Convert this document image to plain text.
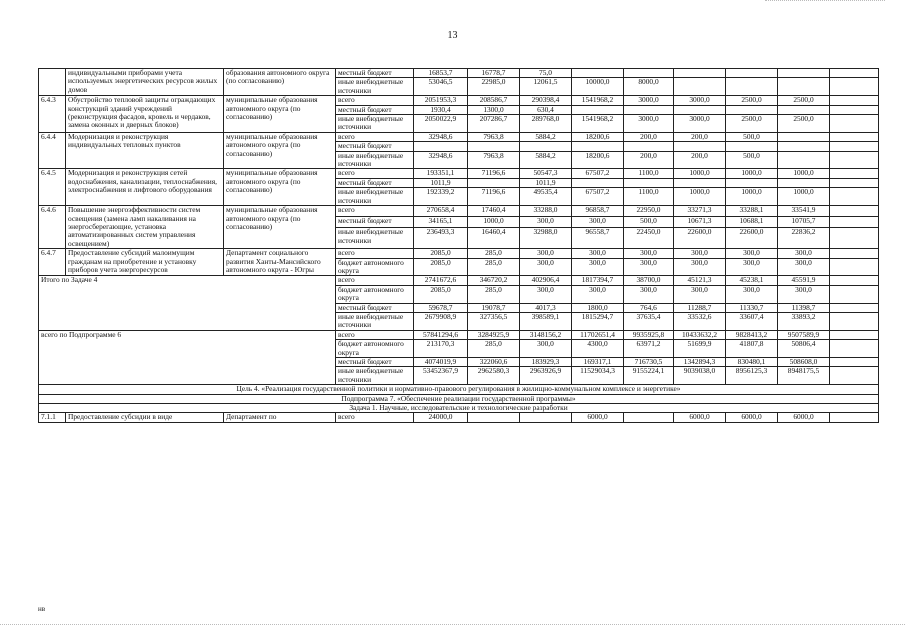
13
	индивидуальными приборами учета используемых энергетических ресурсов жилых домов	образования автономного округа (по согласованию)	местный бюджет	16853,7	16778,7	75,0						
			иные внебюджетные источники	53046,5	22985,0	12061,5	10000,0	8000,0				
6.4.3	Обустройство тепловой защиты ограждающих конструкций зданий учреждений (реконструкция фасадов, кровель и чердаков, замена оконных и дверных блоков)	муниципальные образования автономного округа (по согласованию)	всего	2051953,3	208586,7	290398,4	1541968,2	3000,0	3000,0	2500,0	2500,0	
			местный бюджет	1930,4	1300,0	630,4						
			иные внебюджетные источники	2050022,9	207286,7	289768,0	1541968,2	3000,0	3000,0	2500,0	2500,0	
6.4.4	Модернизация и реконструкция индивидуальных тепловых пунктов	муниципальные образования автономного округа (по согласованию)	всего	32948,6	7963,8	5884,2	18200,6	200,0	200,0	500,0		
			местный бюджет									
			иные внебюджетные источники	32948,6	7963,8	5884,2	18200,6	200,0	200,0	500,0		
6.4.5	Модернизация и реконструкция сетей водоснабжения, канализации, теплоснабжения, электроснабжения и лифтового оборудования	муниципальные образования автономного округа (по согласованию)	всего	193351,1	71196,6	50547,3	67507,2	1100,0	1000,0	1000,0	1000,0	
			местный бюджет	1011,9		1011,9						
			иные внебюджетные источники	192339,2	71196,6	49535,4	67507,2	1100,0	1000,0	1000,0	1000,0	
6.4.6	Повышение энергоэффективности систем освещения (замена ламп накаливания на энергосберегающие, установка автоматизированных систем управления освещением)	муниципальные образования автономного округа (по согласованию)	всего	270658,4	17460,4	33288,0	96858,7	22950,0	33271,3	33288,1	33541,9	
			местный бюджет	34165,1	1000,0	300,0	300,0	500,0	10671,3	10688,1	10705,7	
			иные внебюджетные источники	236493,3	16460,4	32988,0	96558,7	22450,0	22600,0	22600,0	22836,2	
6.4.7	Предоставление субсидий малоимущим гражданам на приобретение и установку приборов учета энергоресурсов	Департамент социального развития Ханты-Мансийского автономного округа - Югры	всего	2085,0	285,0	300,0	300,0	300,0	300,0	300,0	300,0	
			бюджет автономного округа	2085,0	285,0	300,0	300,0	300,0	300,0	300,0	300,0	
Итого по Задаче 4			всего	2741672,6	346720,2	402906,4	1817394,7	38700,0	45121,3	45238,1	45591,9	
			бюджет автономного округа	2085,0	285,0	300,0	300,0	300,0	300,0	300,0	300,0	
			местный бюджет	59678,7	19078,7	4017,3	1800,0	764,6	11288,7	11330,7	11398,7	
			иные внебюджетные источники	2679908,9	327356,5	398589,1	1815294,7	37635,4	33532,6	33607,4	33893,2	
всего по Подпрограмме 6			всего	57841294,6	3284925,9	3148156,2	11702651,4	9935925,8	10433632,2	9828413,2	9507589,9	
			бюджет автономного округа	213170,3	285,0	300,0	4300,0	63971,2	51699,9	41807,8	50806,4	
			местный бюджет	4074019,9	322060,6	183929,3	169317,1	716730,5	1342894,3	830480,1	508608,0	
			иные внебюджетные источники	53452367,9	2962580,3	2963926,9	11529034,3	9155224,1	9039038,0	8956125,3	8948175,5	
Цель 4. «Реализация государственной политики и нормативно-правового регулирования в жилищно-коммунальном комплексе и энергетике»												
Подпрограмма 7. «Обеспечение реализации государственной программы»												
Задача 1. Научные, исследовательские и технологические разработки												
7.1.1	Предоставление субсидии в виде	Департамент по	всего	24000,0			6000,0		6000,0	6000,0	6000,0	
нв
